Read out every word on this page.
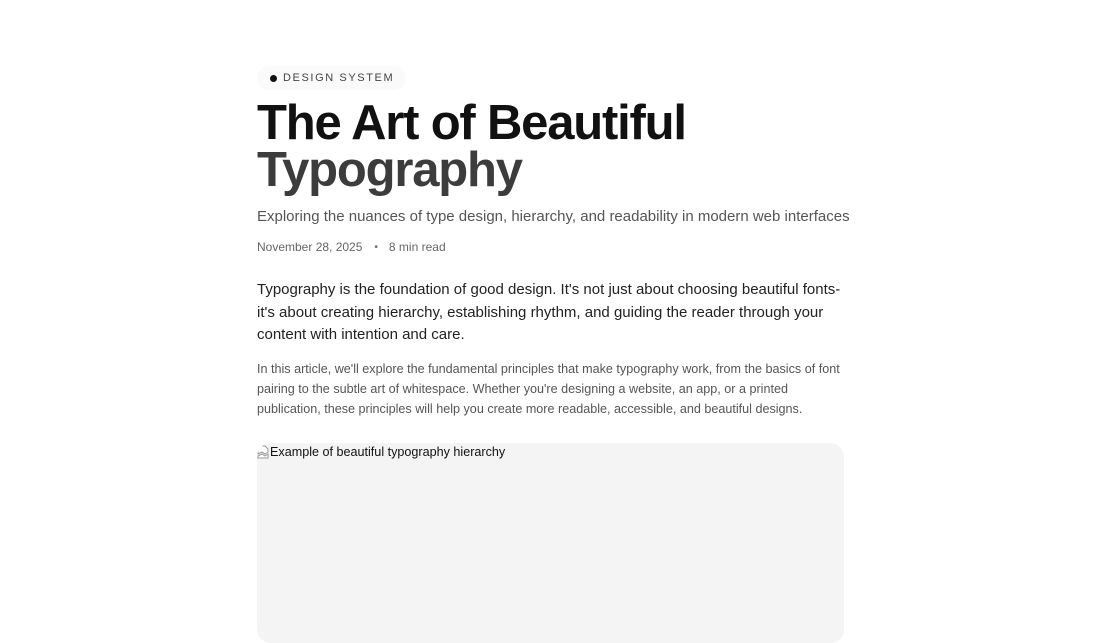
DESIGN SYSTEM
The Art of Beautiful
Typography

Exploring the nuances of type design, hierarchy, and readability in modern web interfaces

November 28, 2025 • 8 min read

Typography is the foundation of good design. It's not just about choosing beautiful fonts-it's about creating hierarchy, establishing rhythm, and guiding the reader through your content with intention and care.

In this article, we'll explore the fundamental principles that make typography work, from the basics of font pairing to the subtle art of whitespace. Whether you're designing a website, an app, or a printed publication, these principles will help you create more readable, accessible, and beautiful designs.

Example of beautiful typography hierarchy
